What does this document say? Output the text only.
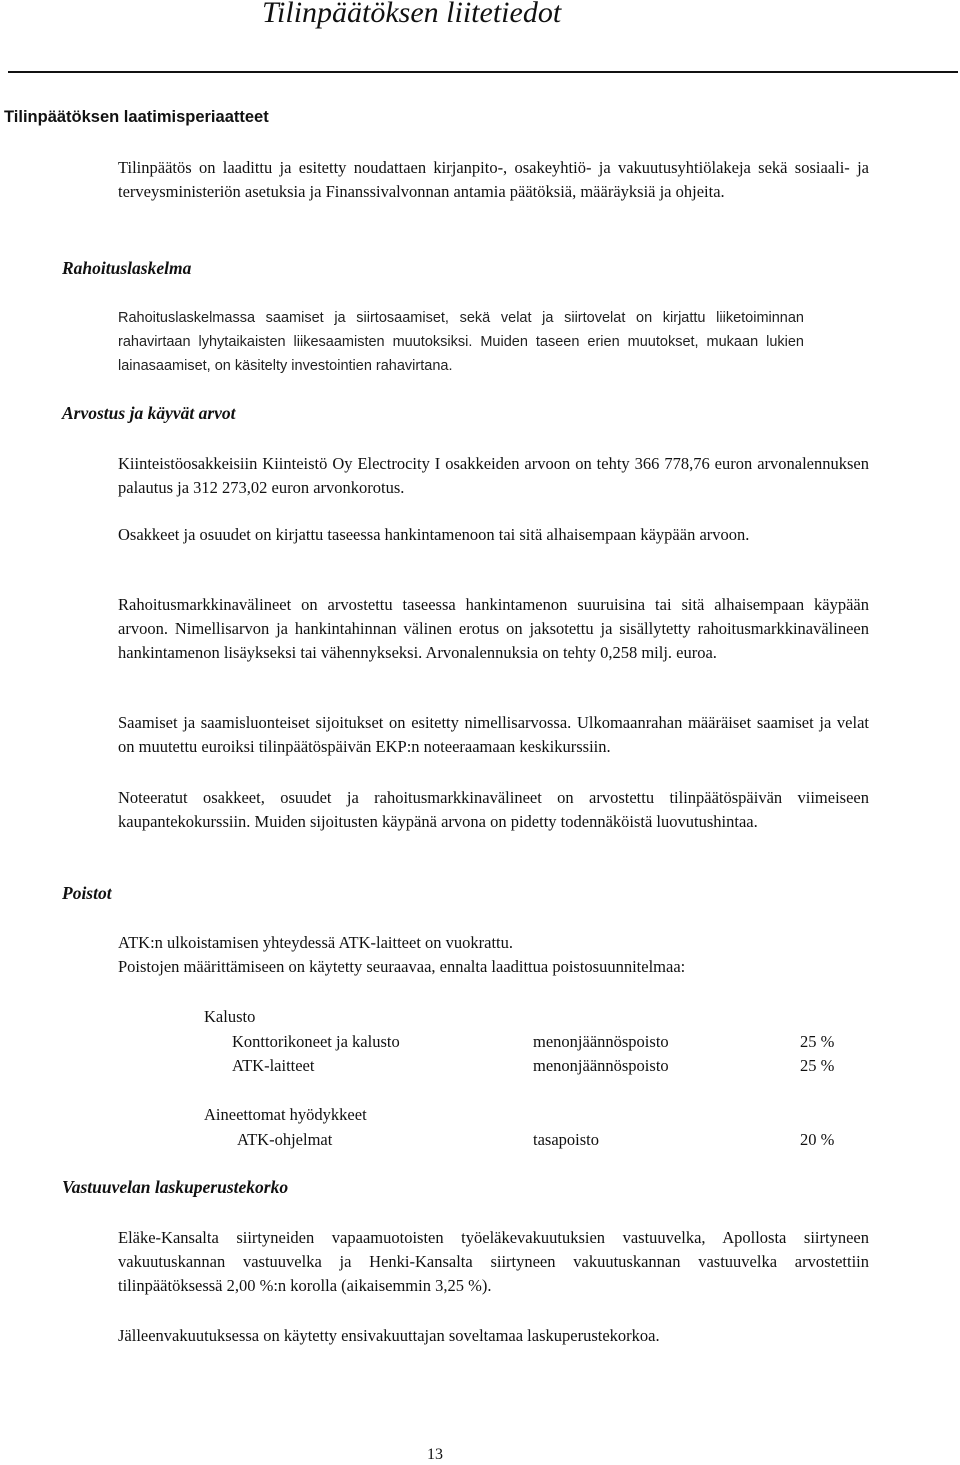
Tilinpäätöksen liitetiedot
Tilinpäätöksen laatimisperiaatteet
Tilinpäätös on laadittu ja esitetty noudattaen kirjanpito-, osakeyhtiö- ja vakuutusyhtiölakeja sekä sosiaali- ja terveysministeriön asetuksia ja Finanssivalvonnan antamia päätöksiä, määräyksiä ja ohjeita.
Rahoituslaskelma
Rahoituslaskelmassa saamiset ja siirtosaamiset, sekä velat ja siirtovelat on kirjattu liiketoiminnan rahavirtaan lyhytaikaisten liikesaamisten muutoksiksi. Muiden taseen erien muutokset, mukaan lukien lainasaamiset, on käsitelty investointien rahavirtana.
Arvostus ja käyvät arvot
Kiinteistöosakkeisiin Kiinteistö Oy Electrocity I osakkeiden arvoon on tehty 366 778,76 euron arvonalennuksen palautus ja 312 273,02 euron arvonkorotus.
Osakkeet ja osuudet on kirjattu taseessa hankintamenoon tai sitä alhaisempaan käypään arvoon.
Rahoitusmarkkinavälineet on arvostettu taseessa hankintamenon suuruisina tai sitä alhaisempaan käypään arvoon. Nimellisarvon ja hankintahinnan välinen erotus on jaksotettu ja sisällytetty rahoitusmarkkinavälineen hankintamenon lisäykseksi tai vähennykseksi. Arvonalennuksia on tehty 0,258 milj. euroa.
Saamiset ja saamisluonteiset sijoitukset on esitetty nimellisarvossa. Ulkomaanrahan määräiset saamiset ja velat on muutettu euroiksi tilinpäätöspäivän EKP:n noteeraamaan keskikurssiin.
Noteeratut osakkeet, osuudet ja rahoitusmarkkinavälineet on arvostettu tilinpäätöspäivän viimeiseen kaupantekokurssiin. Muiden sijoitusten käypänä arvona on pidetty todennäköistä luovutushintaa.
Poistot
ATK:n ulkoistamisen yhteydessä ATK-laitteet on vuokrattu.
Poistojen määrittämiseen on käytetty seuraavaa, ennalta laadittua poistosuunnitelmaa:
Kalusto
Konttorikoneet ja kalusto	menonjäännöspoisto	25 %
ATK-laitteet	menonjäännöspoisto	25 %
Aineettomat hyödykkeet
ATK-ohjelmat	tasapoisto	20 %
Vastuuvelan laskuperustekorko
Eläke-Kansalta siirtyneiden vapaamuotoisten työeläkevakuutuksien vastuuvelka, Apollosta siirtyneen vakuutuskannan vastuuvelka ja Henki-Kansalta siirtyneen vakuutuskannan vastuuvelka arvostettiin tilinpäätöksessä 2,00 %:n korolla (aikaisemmin 3,25 %).
Jälleenvakuutuksessa on käytetty ensivakuuttajan soveltamaa laskuperustekorkoa.
13
